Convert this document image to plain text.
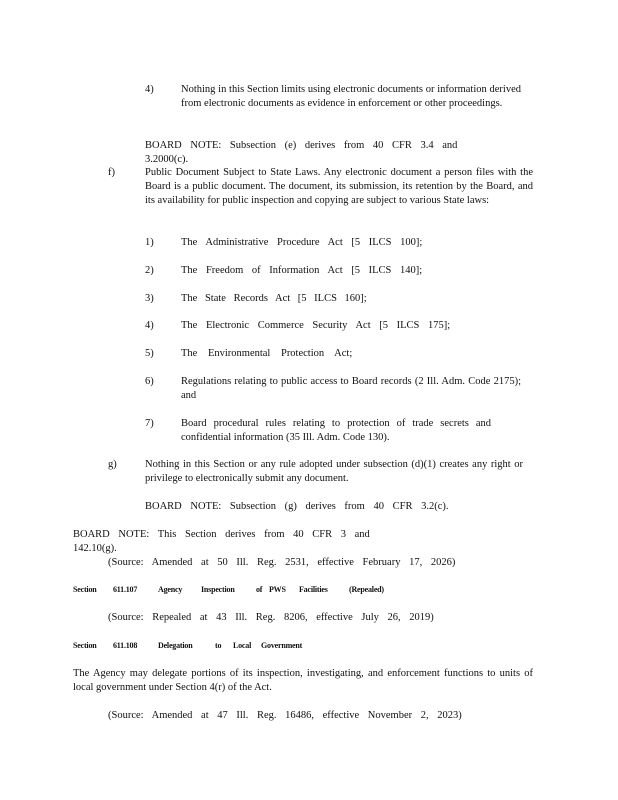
4)	Nothing in this Section limits using electronic documents or information derived from electronic documents as evidence in enforcement or other proceedings.
BOARD NOTE: Subsection (e) derives from 40 CFR 3.4 and 3.2000(c).
f)	Public Document Subject to State Laws. Any electronic document a person files with the Board is a public document. The document, its submission, its retention by the Board, and its availability for public inspection and copying are subject to various State laws:
1)	The Administrative Procedure Act [5 ILCS 100];
2)	The Freedom of Information Act [5 ILCS 140];
3)	The State Records Act [5 ILCS 160];
4)	The Electronic Commerce Security Act [5 ILCS 175];
5)	The Environmental Protection Act;
6)	Regulations relating to public access to Board records (2 Ill. Adm. Code 2175); and
7)	Board procedural rules relating to protection of trade secrets and confidential information (35 Ill. Adm. Code 130).
g)	Nothing in this Section or any rule adopted under subsection (d)(1) creates any right or privilege to electronically submit any document.
BOARD NOTE: Subsection (g) derives from 40 CFR 3.2(c).
BOARD NOTE: This Section derives from 40 CFR 3 and 142.10(g).
(Source: Amended at 50 Ill. Reg. 2531, effective February 17, 2026)
Section 611.107	Agency Inspection	of PWS Facilities	(Repealed)
(Source: Repealed at 43 Ill. Reg. 8206, effective July 26, 2019)
Section 611.108	Delegation	to Local Government
The Agency may delegate portions of its inspection, investigating, and enforcement functions to units of local government under Section 4(r) of the Act.
(Source: Amended at 47 Ill. Reg. 16486, effective November 2, 2023)
